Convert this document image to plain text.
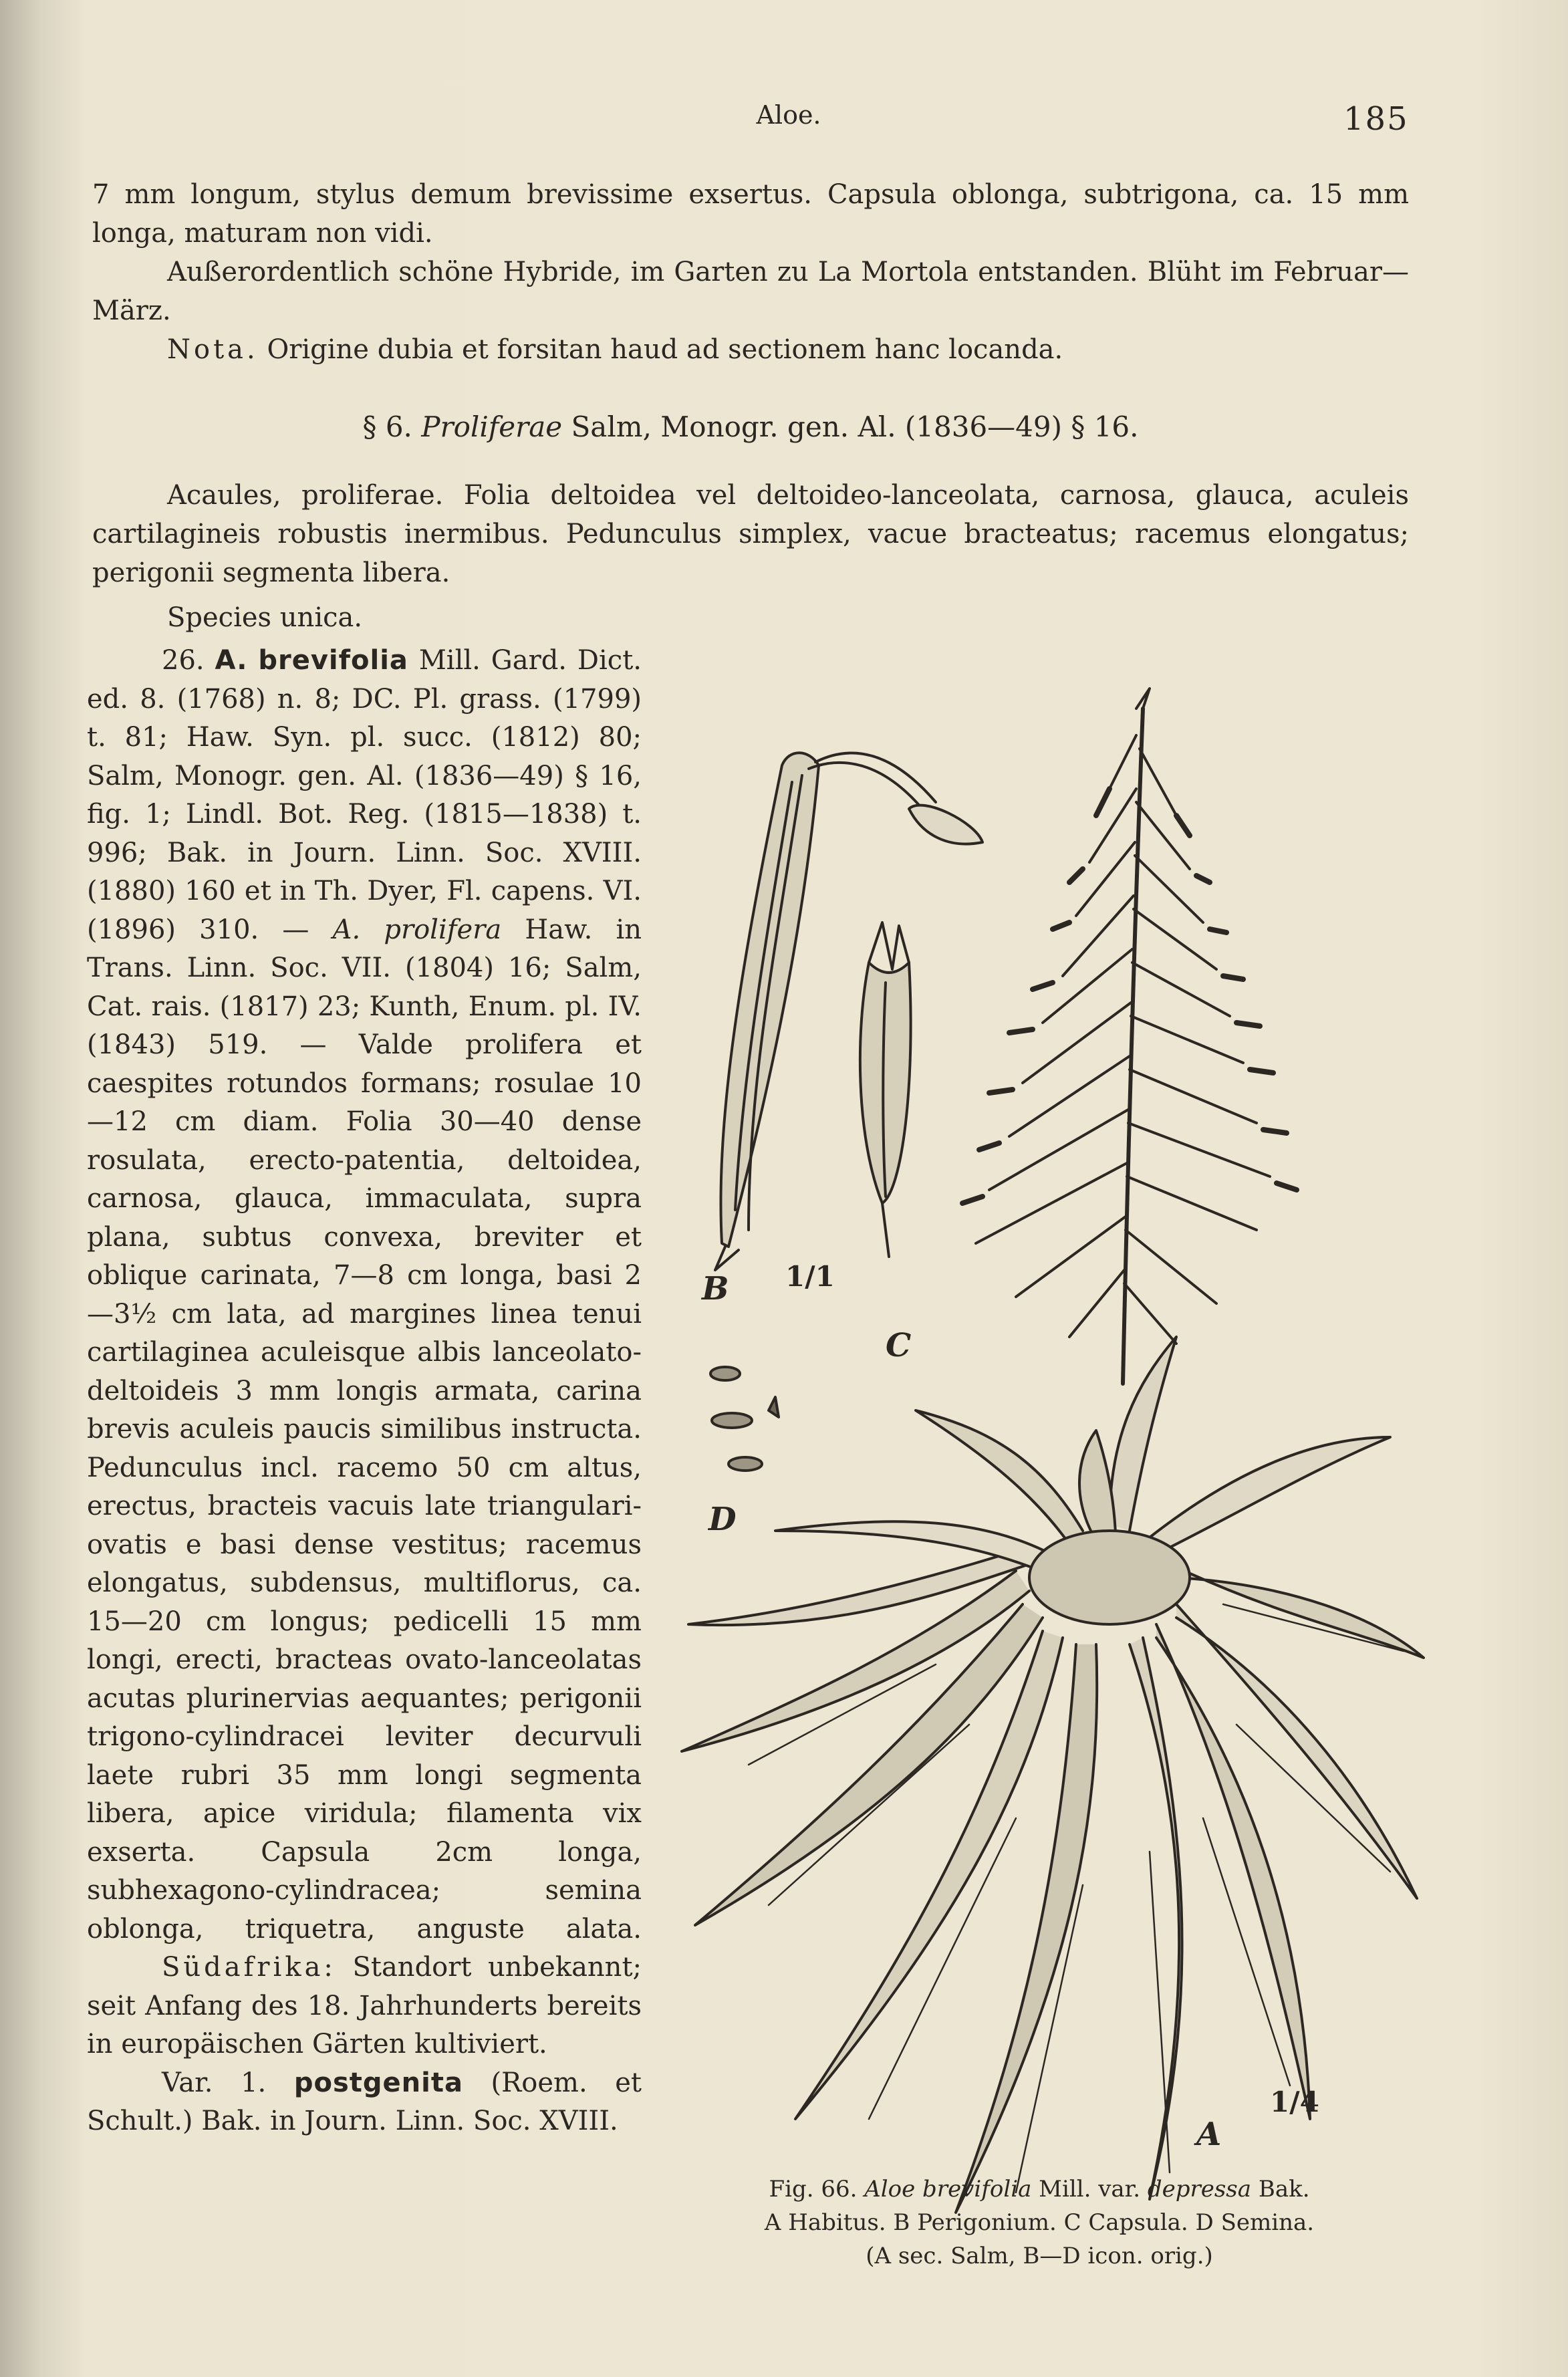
Aloe.	185

7 mm longum, stylus demum brevissime exsertus. Capsula oblonga, subtrigona, ca. 15 mm longa, maturam non vidi.

Außerordentlich schöne Hybride, im Garten zu La Mortola entstanden. Blüht im Februar—März.

Nota. Origine dubia et forsitan haud ad sectionem hanc locanda.

§ 6. Proliferae Salm, Monogr. gen. Al. (1836—49) § 16.

Acaules, proliferae. Folia deltoidea vel deltoideo-lanceolata, carnosa, glauca, aculeis cartilagineis robustis inermibus. Pedunculus simplex, vacue bracteatus; racemus elongatus; perigonii segmenta libera.

Species unica.

26. A. brevifolia Mill. Gard. Dict. ed. 8. (1768) n. 8; DC. Pl. grass. (1799) t. 81; Haw. Syn. pl. succ. (1812) 80; Salm, Monogr. gen. Al. (1836—49) § 16, fig. 1; Lindl. Bot. Reg. (1815—1838) t. 996; Bak. in Journ. Linn. Soc. XVIII. (1880) 160 et in Th. Dyer, Fl. capens. VI. (1896) 310. — A. prolifera Haw. in Trans. Linn. Soc. VII. (1804) 16; Salm, Cat. rais. (1817) 23; Kunth, Enum. pl. IV. (1843) 519. — Valde prolifera et caespites rotundos formans; rosulae 10—12 cm diam. Folia 30—40 dense rosulata, erecto-patentia, deltoidea, carnosa, glauca, immaculata, supra plana, subtus convexa, breviter et oblique carinata, 7—8 cm longa, basi 2—3½ cm lata, ad margines linea tenui cartilaginea aculeisque albis lanceolato-deltoideis 3 mm longis armata, carina brevis aculeis paucis similibus instructa. Pedunculus incl. racemo 50 cm altus, erectus, bracteis vacuis late triangulari-ovatis e basi dense vestitus; racemus elongatus, subdensus, multiflorus, ca. 15—20 cm longus; pedicelli 15 mm longi, erecti, bracteas ovato-lanceolatas acutas plurinervias aequantes; perigonii trigono-cylindracei leviter decurvuli laete rubri 35 mm longi segmenta libera, apice viridula; filamenta vix exserta. Capsula 2cm longa, subhexagono-cylindracea; semina oblonga, triquetra, anguste alata.

Südafrika: Standort unbekannt; seit Anfang des 18. Jahrhunderts bereits in europäischen Gärten kultiviert.

Var. 1. postgenita (Roem. et Schult.) Bak. in Journ. Linn. Soc. XVIII.

B 1/1
C
D
A
1/4

Fig. 66. Aloe brevifolia Mill. var. depressa Bak.

A Habitus. B Perigonium. C Capsula. D Semina.

(A sec. Salm, B—D icon. orig.)
